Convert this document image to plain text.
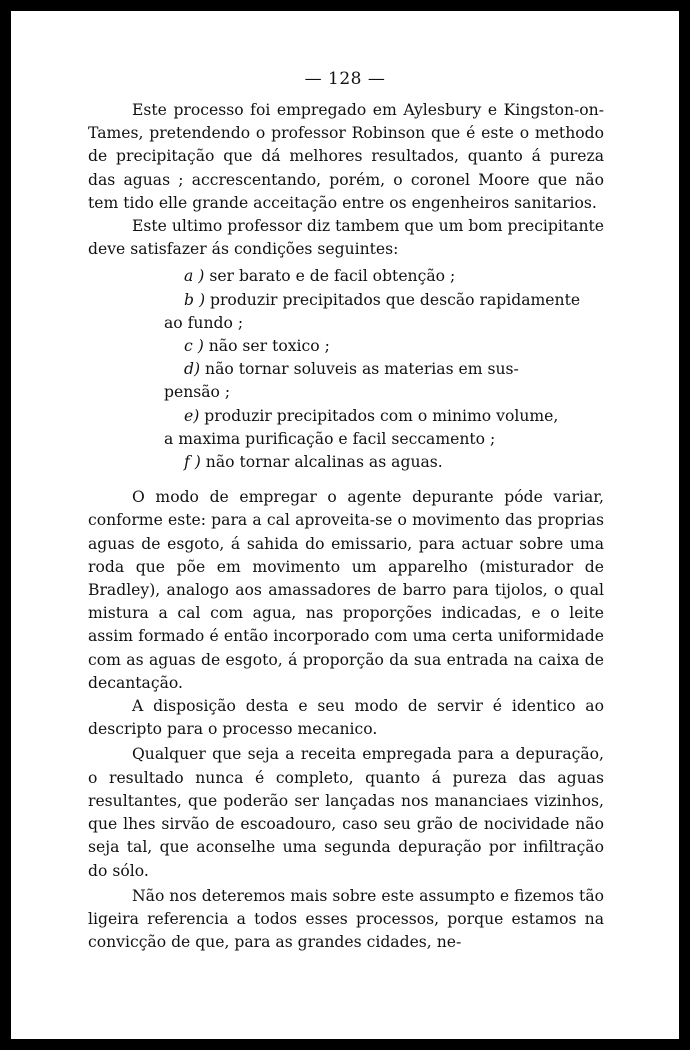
— 128 —

Este processo foi empregado em Aylesbury e Kingston-on-Tames, pretendendo o professor Robinson que é este o methodo de precipitação que dá melhores resultados, quanto á pureza das aguas ; accrescentando, porém, o coronel Moore que não tem tido elle grande acceitação entre os engenheiros sanitarios.

Este ultimo professor diz tambem que um bom precipitante deve satisfazer ás condições seguintes:

a ) ser barato e de facil obtenção ;
b ) produzir precipitados que descão rapidamente
ao fundo ;
c ) não ser toxico ;
d) não tornar soluveis as materias em sus-
pensão ;
e) produzir precipitados com o minimo volume,
a maxima purificação e facil seccamento ;
f ) não tornar alcalinas as aguas.

O modo de empregar o agente depurante póde variar, conforme este: para a cal aproveita-se o movimento das proprias aguas de esgoto, á sahida do emissario, para actuar sobre uma roda que põe em movimento um apparelho (misturador de Bradley), analogo aos amassadores de barro para tijolos, o qual mistura a cal com agua, nas proporções indicadas, e o leite assim formado é então incorporado com uma certa uniformidade com as aguas de esgoto, á proporção da sua entrada na caixa de decantação.

A disposição desta e seu modo de servir é identico ao descripto para o processo mecanico.

Qualquer que seja a receita empregada para a depuração, o resultado nunca é completo, quanto á pureza das aguas resultantes, que poderão ser lançadas nos mananciaes vizinhos, que lhes sirvão de escoadouro, caso seu grão de nocividade não seja tal, que aconselhe uma segunda depuração por infiltração do sólo.

Não nos deteremos mais sobre este assumpto e fizemos tão ligeira referencia a todos esses processos, porque estamos na convicção de que, para as grandes cidades, ne-
